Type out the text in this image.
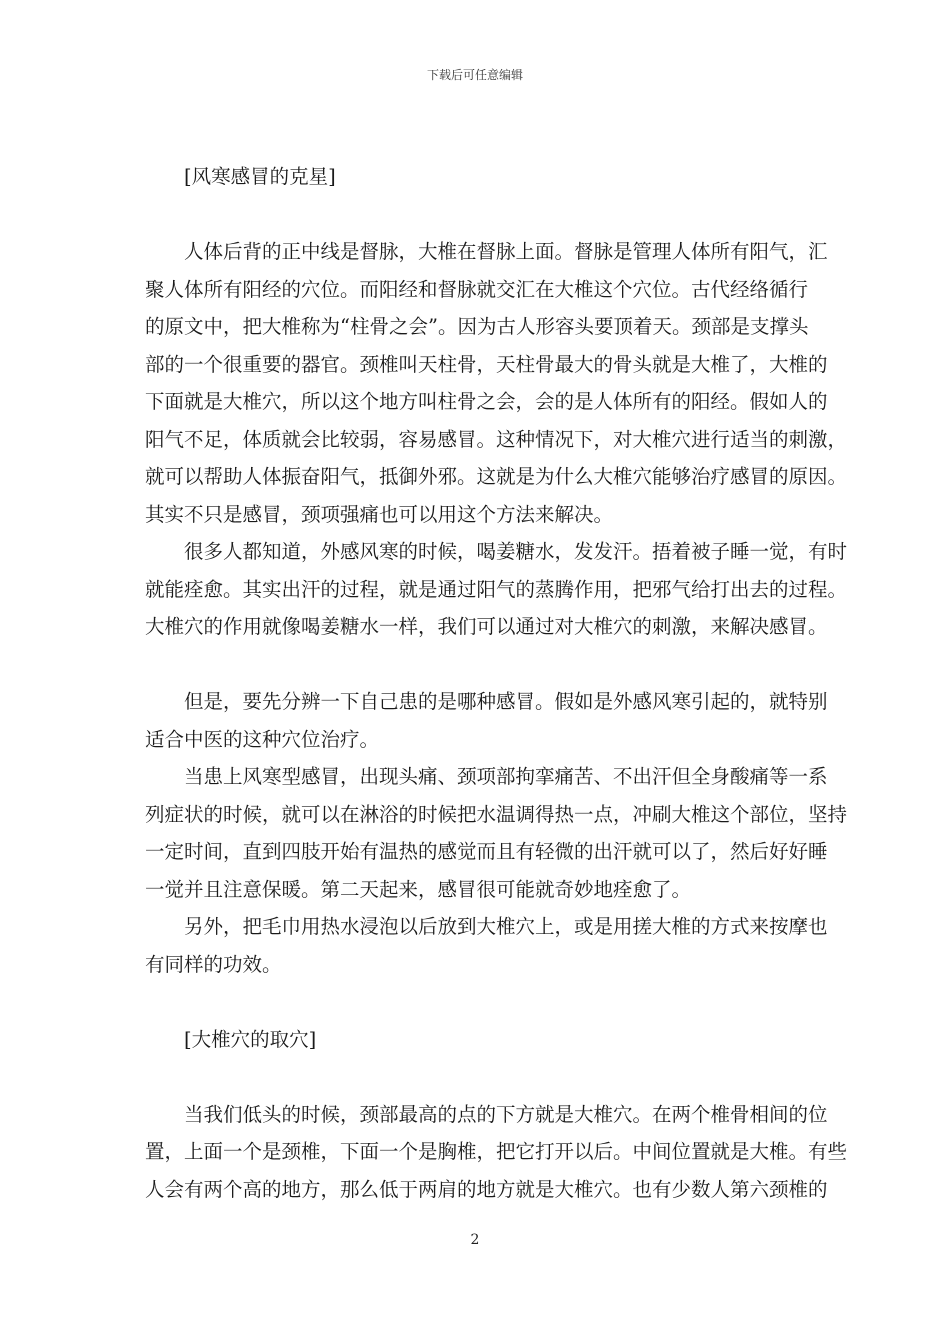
下载后可任意编辑
[风寒感冒的克星]
人体后背的正中线是督脉，大椎在督脉上面。督脉是管理人体所有阳气，汇
聚人体所有阳经的穴位。而阳经和督脉就交汇在大椎这个穴位。古代经络循行
的原文中，把大椎称为“柱骨之会”。因为古人形容头要顶着天。颈部是支撑头
部的一个很重要的器官。颈椎叫天柱骨，天柱骨最大的骨头就是大椎了，大椎的
下面就是大椎穴，所以这个地方叫柱骨之会，会的是人体所有的阳经。假如人的
阳气不足，体质就会比较弱，容易感冒。这种情况下，对大椎穴进行适当的刺激，
就可以帮助人体振奋阳气，抵御外邪。这就是为什么大椎穴能够治疗感冒的原因。
其实不只是感冒，颈项强痛也可以用这个方法来解决。
很多人都知道，外感风寒的时候，喝姜糖水，发发汗。捂着被子睡一觉，有时
就能痊愈。其实出汗的过程，就是通过阳气的蒸腾作用，把邪气给打出去的过程。
大椎穴的作用就像喝姜糖水一样，我们可以通过对大椎穴的刺激，来解决感冒。
但是，要先分辨一下自己患的是哪种感冒。假如是外感风寒引起的，就特别
适合中医的这种穴位治疗。
当患上风寒型感冒，出现头痛、颈项部拘挛痛苦、不出汗但全身酸痛等一系
列症状的时候，就可以在淋浴的时候把水温调得热一点，冲刷大椎这个部位，坚持
一定时间，直到四肢开始有温热的感觉而且有轻微的出汗就可以了，然后好好睡
一觉并且注意保暖。第二天起来，感冒很可能就奇妙地痊愈了。
另外，把毛巾用热水浸泡以后放到大椎穴上，或是用搓大椎的方式来按摩也
有同样的功效。
[大椎穴的取穴]
当我们低头的时候，颈部最高的点的下方就是大椎穴。在两个椎骨相间的位
置，上面一个是颈椎，下面一个是胸椎，把它打开以后。中间位置就是大椎。有些
人会有两个高的地方，那么低于两肩的地方就是大椎穴。也有少数人第六颈椎的
2
